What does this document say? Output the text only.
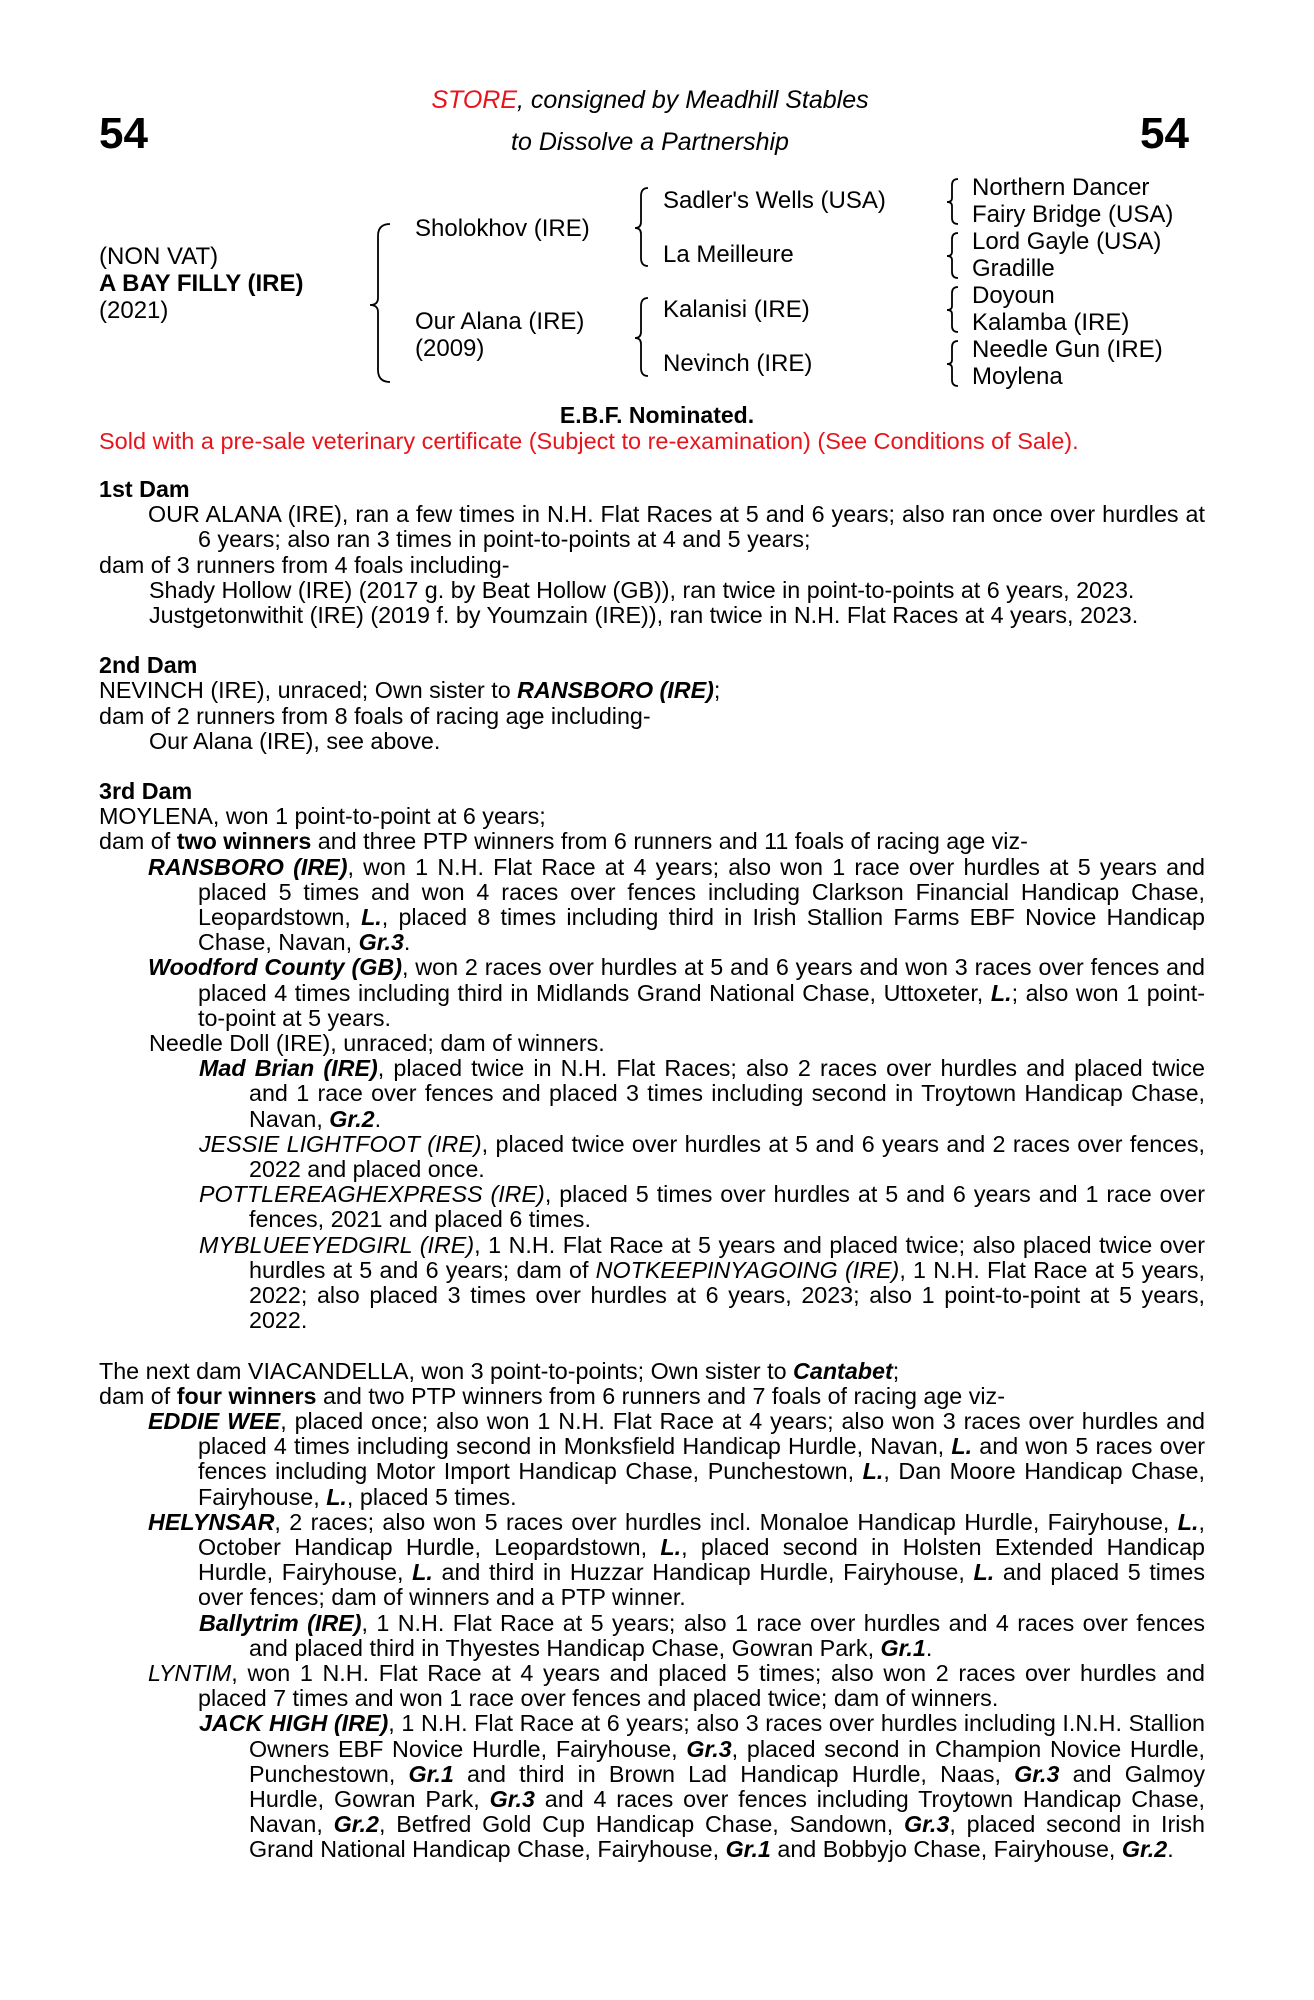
54	54
STORE, consigned by Meadhill Stables
to Dissolve a Partnership
(NON VAT)
A BAY FILLY (IRE)
(2021)
Sholokhov (IRE)
Our Alana (IRE)
(2009)
Sadler's Wells (USA)
La Meilleure
Kalanisi (IRE)
Nevinch (IRE)
Northern Dancer
Fairy Bridge (USA)
Lord Gayle (USA)
Gradille
Doyoun
Kalamba (IRE)
Needle Gun (IRE)
Moylena
E.B.F. Nominated.
Sold with a pre-sale veterinary certificate (Subject to re-examination) (See Conditions of Sale).

1st Dam

OUR ALANA (IRE), ran a few times in N.H. Flat Races at 5 and 6 years; also ran once over hurdles at 6 years; also ran 3 times in point-to-points at 4 and 5 years;

dam of 3 runners from 4 foals including-

Shady Hollow (IRE) (2017 g. by Beat Hollow (GB)), ran twice in point-to-points at 6 years, 2023.

Justgetonwithit (IRE) (2019 f. by Youmzain (IRE)), ran twice in N.H. Flat Races at 4 years, 2023.

2nd Dam

NEVINCH (IRE), unraced; Own sister to RANSBORO (IRE);

dam of 2 runners from 8 foals of racing age including-

Our Alana (IRE), see above.

3rd Dam

MOYLENA, won 1 point-to-point at 6 years;

dam of two winners and three PTP winners from 6 runners and 11 foals of racing age viz-

RANSBORO (IRE), won 1 N.H. Flat Race at 4 years; also won 1 race over hurdles at 5 years and placed 5 times and won 4 races over fences including Clarkson Financial Handicap Chase, Leopardstown, L., placed 8 times including third in Irish Stallion Farms EBF Novice Handicap Chase, Navan, Gr.3.

Woodford County (GB), won 2 races over hurdles at 5 and 6 years and won 3 races over fences and placed 4 times including third in Midlands Grand National Chase, Uttoxeter, L.; also won 1 point-to-point at 5 years.

Needle Doll (IRE), unraced; dam of winners.

Mad Brian (IRE), placed twice in N.H. Flat Races; also 2 races over hurdles and placed twice and 1 race over fences and placed 3 times including second in Troytown Handicap Chase, Navan, Gr.2.

JESSIE LIGHTFOOT (IRE), placed twice over hurdles at 5 and 6 years and 2 races over fences, 2022 and placed once.

POTTLEREAGHEXPRESS (IRE), placed 5 times over hurdles at 5 and 6 years and 1 race over fences, 2021 and placed 6 times.

MYBLUEEYEDGIRL (IRE), 1 N.H. Flat Race at 5 years and placed twice; also placed twice over hurdles at 5 and 6 years; dam of NOTKEEPINYAGOING (IRE), 1 N.H. Flat Race at 5 years, 2022; also placed 3 times over hurdles at 6 years, 2023; also 1 point-to-point at 5 years, 2022.

The next dam VIACANDELLA, won 3 point-to-points; Own sister to Cantabet;

dam of four winners and two PTP winners from 6 runners and 7 foals of racing age viz-

EDDIE WEE, placed once; also won 1 N.H. Flat Race at 4 years; also won 3 races over hurdles and placed 4 times including second in Monksfield Handicap Hurdle, Navan, L. and won 5 races over fences including Motor Import Handicap Chase, Punchestown, L., Dan Moore Handicap Chase, Fairyhouse, L., placed 5 times.

HELYNSAR, 2 races; also won 5 races over hurdles incl. Monaloe Handicap Hurdle, Fairyhouse, L., October Handicap Hurdle, Leopardstown, L., placed second in Holsten Extended Handicap Hurdle, Fairyhouse, L. and third in Huzzar Handicap Hurdle, Fairyhouse, L. and placed 5 times over fences; dam of winners and a PTP winner.

Ballytrim (IRE), 1 N.H. Flat Race at 5 years; also 1 race over hurdles and 4 races over fences and placed third in Thyestes Handicap Chase, Gowran Park, Gr.1.

LYNTIM, won 1 N.H. Flat Race at 4 years and placed 5 times; also won 2 races over hurdles and placed 7 times and won 1 race over fences and placed twice; dam of winners.

JACK HIGH (IRE), 1 N.H. Flat Race at 6 years; also 3 races over hurdles including I.N.H. Stallion Owners EBF Novice Hurdle, Fairyhouse, Gr.3, placed second in Champion Novice Hurdle, Punchestown, Gr.1 and third in Brown Lad Handicap Hurdle, Naas, Gr.3 and Galmoy Hurdle, Gowran Park, Gr.3 and 4 races over fences including Troytown Handicap Chase, Navan, Gr.2, Betfred Gold Cup Handicap Chase, Sandown, Gr.3, placed second in Irish Grand National Handicap Chase, Fairyhouse, Gr.1 and Bobbyjo Chase, Fairyhouse, Gr.2.
